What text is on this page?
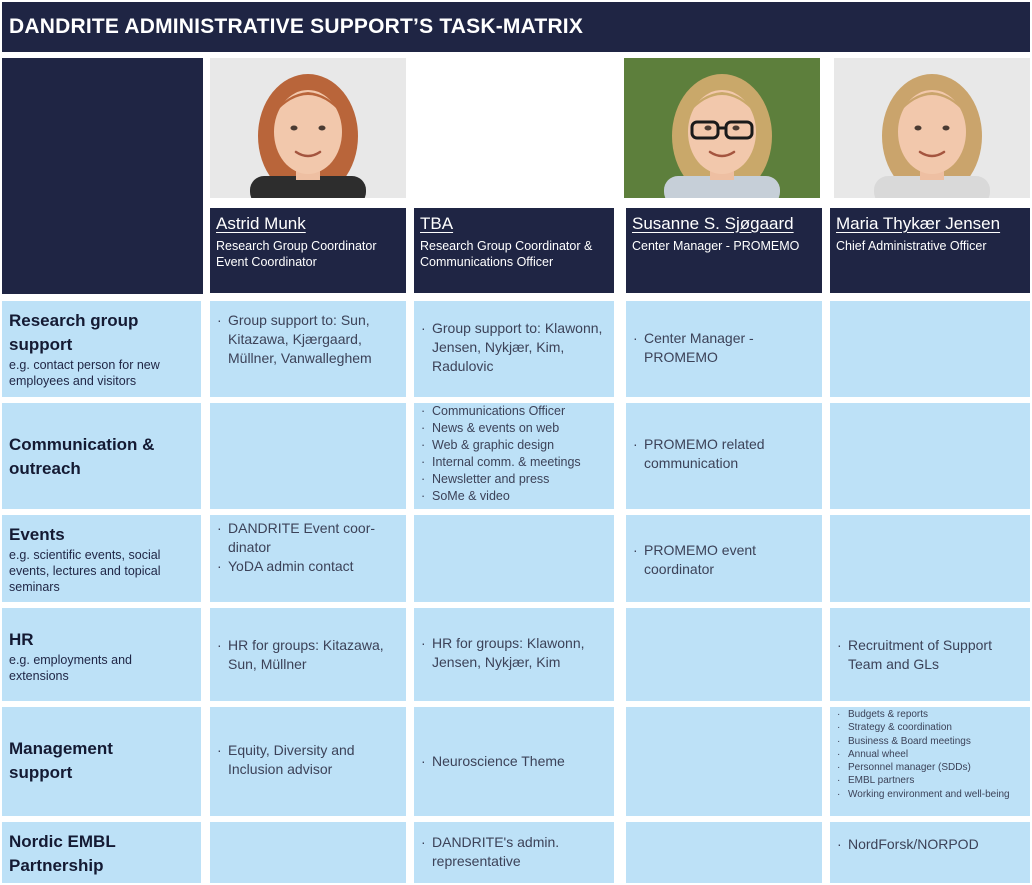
DANDRITE ADMINISTRATIVE SUPPORT’S TASK-MATRIX
Astrid Munk
Research Group Coordinator
Event Coordinator
TBA
Research Group Coordinator &
Communications Officer
Susanne S. Sjøgaard
Center Manager - PROMEMO
Maria Thykær Jensen
Chief Administrative Officer
Research group
support
e.g. contact person for new
employees and visitors
· Group support to: Sun, Kitazawa, Kjærgaard, Müllner, Vanwalleghem
· Group support to: Klawonn, Jensen, Nykjær, Kim, Radulovic
· Center Manager - PROMEMO
Communication &
outreach
· Communications Officer
· News & events on web
· Web & graphic design
· Internal comm. & meetings
· Newsletter and press
· SoMe & video
· PROMEMO related communication
Events
e.g. scientific events, social
events, lectures and topical
seminars
· DANDRITE Event coor-dinator
· YoDA admin contact
· PROMEMO event coordinator
HR
e.g. employments and
extensions
· HR for groups: Kitazawa, Sun, Müllner
· HR for groups: Klawonn, Jensen, Nykjær, Kim
· Recruitment of Support Team and GLs
Management
support
· Equity, Diversity and Inclusion advisor	· Neuroscience Theme
· Budgets & reports
· Strategy & coordination
· Business & Board meetings
· Annual wheel
· Personnel manager (SDDs)
· EMBL partners
· Working environment and well-being
Nordic EMBL
Partnership
· DANDRITE's admin. representative
· NordForsk/NORPOD
